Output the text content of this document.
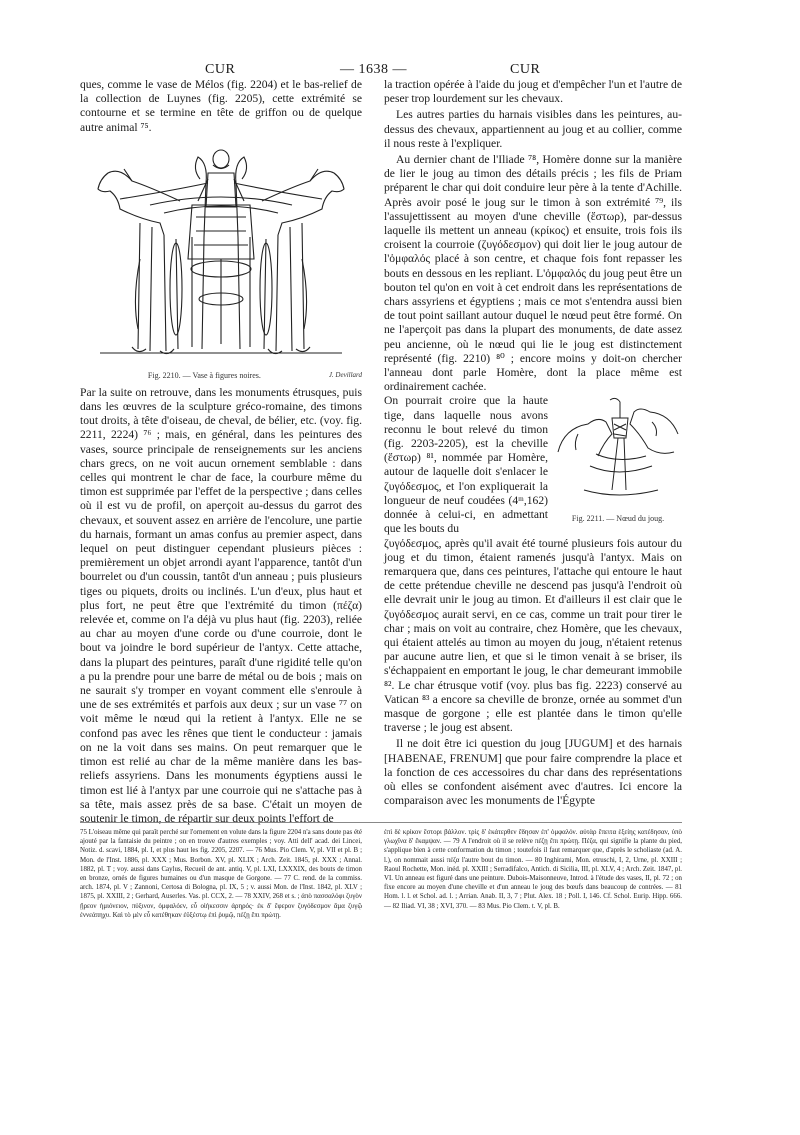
CUR	— 1638 —	CUR

ques, comme le vase de Mélos (fig. 2204) et le bas-relief de la collection de Luynes (fig. 2205), cette extrémité se contourne et se termine en tête de griffon ou de quelque autre animal ⁷⁵.

Fig. 2210. — Vase à figures noires.	J. Devillard

Par la suite on retrouve, dans les monuments étrusques, puis dans les œuvres de la sculpture gréco-romaine, des timons tout droits, à tête d'oiseau, de cheval, de bélier, etc. (voy. fig. 2211, 2224) ⁷⁶ ; mais, en général, dans les peintures des vases, source principale de renseignements sur les anciens chars grecs, on ne voit aucun ornement semblable : dans celles qui montrent le char de face, la courbure même du timon est supprimée par l'effet de la perspective ; dans celles où il est vu de profil, on aperçoit au-dessus du garrot des chevaux, et souvent assez en arrière de l'encolure, une partie du harnais, formant un amas confus au premier aspect, dans lequel on peut distinguer cependant plusieurs pièces : premièrement un objet arrondi ayant l'apparence, tantôt d'un bourrelet ou d'un coussin, tantôt d'un anneau ; puis plusieurs tiges ou piquets, droits ou inclinés. L'un d'eux, plus haut et plus fort, ne peut être que l'extrémité du timon (πέζα) relevée et, comme on l'a déjà vu plus haut (fig. 2203), reliée au char au moyen d'une corde ou d'une courroie, dont le bout va joindre le bord supérieur de l'antyx. Cette attache, dans la plupart des peintures, paraît d'une rigidité telle qu'on a pu la prendre pour une barre de métal ou de bois ; mais on ne saurait s'y tromper en voyant comment elle s'enroule à une de ses extrémités et parfois aux deux ; sur un vase ⁷⁷ on voit même le nœud qui la retient à l'antyx. Elle ne se confond pas avec les rênes que tient le conducteur : jamais on ne la voit dans ses mains. On peut remarquer que le timon est relié au char de la même manière dans les bas-reliefs assyriens. Dans les monuments égyptiens aussi le timon est lié à l'antyx par une courroie qui ne s'attache pas à sa tête, mais assez près de sa base. C'était un moyen de soutenir le timon, de répartir sur deux points l'effort de

la traction opérée à l'aide du joug et d'empêcher l'un et l'autre de peser trop lourdement sur les chevaux.

Les autres parties du harnais visibles dans les peintures, au-dessus des chevaux, appartiennent au joug et au collier, comme il nous reste à l'expliquer.

Au dernier chant de l'Iliade ⁷⁸, Homère donne sur la manière de lier le joug au timon des détails précis ; les fils de Priam préparent le char qui doit conduire leur père à la tente d'Achille. Après avoir posé le joug sur le timon à son extrémité ⁷⁹, ils l'assujettissent au moyen d'une cheville (ἕστωρ), par-dessus laquelle ils mettent un anneau (κρίκος) et ensuite, trois fois ils croisent la courroie (ζυγόδεσμον) qui doit lier le joug autour de l'ὀμφαλός placé à son centre, et chaque fois font repasser les bouts en dessous en les repliant. L'ὀμφαλός du joug peut être un bouton tel qu'on en voit à cet endroit dans les représentations de chars assyriens et égyptiens ; mais ce mot s'entendra aussi bien de tout point saillant autour duquel le nœud peut être formé. On ne l'aperçoit pas dans la plupart des monuments, de date assez peu ancienne, où le nœud qui lie le joug est distinctement représenté (fig. 2210) ⁸⁰ ; encore moins y doit-on chercher l'anneau dont parle Homère, dont la place même est ordinairement cachée.

On pourrait croire que la haute tige, dans laquelle nous avons reconnu le bout relevé du timon (fig. 2203-2205), est la cheville (ἕστωρ) ⁸¹, nommée par Homère, autour de laquelle doit s'enlacer le ζυγόδεσμος, et l'on expliquerait la longueur de neuf coudées (4ᵐ,162) donnée à celui-ci, en admettant que les bouts du

Fig. 2211. — Nœud du joug.

ζυγόδεσμος, après qu'il avait été tourné plusieurs fois autour du joug et du timon, étaient ramenés jusqu'à l'antyx. Mais on remarquera que, dans ces peintures, l'attache qui entoure le haut de cette prétendue cheville ne descend pas jusqu'à l'endroit où elle devrait unir le joug au timon. Et d'ailleurs il est clair que le ζυγόδεσμος aurait servi, en ce cas, comme un trait pour tirer le char ; mais on voit au contraire, chez Homère, que les chevaux, qui étaient attelés au timon au moyen du joug, n'étaient retenus par aucune autre lien, et que si le timon venait à se briser, ils s'échappaient en emportant le joug, le char demeurant immobile ⁸². Le char étrusque votif (voy. plus bas fig. 2223) conservé au Vatican ⁸³ a encore sa cheville de bronze, ornée au sommet d'un masque de gorgone ; elle est plantée dans le timon qu'elle traverse ; le joug est absent.

Il ne doit être ici question du joug [JUGUM] et des harnais [HABENAE, FRENUM] que pour faire comprendre la place et la fonction de ces accessoires du char dans des représentations où elles se confondent aisément avec d'autres. Ici encore la comparaison avec les monuments de l'Égypte

75 L'oiseau même qui paraît perché sur l'ornement en volute dans la figure 2204 n'a sans doute pas été ajouté par la fantaisie du peintre ; on en trouve d'autres exemples ; voy. Atti dell' acad. dei Lincei, Notiz. d. scavi, 1884, pl. I, et plus haut les fig. 2205, 2207. — 76 Mus. Pio Clem. V, pl. VII et pl. B ; Mon. de l'Inst. 1886, pl. XXX ; Mus. Borbon. XV, pl. XLIX ; Arch. Zeit. 1845, pl. XXX ; Annal. 1882, pl. T ; voy. aussi dans Caylus, Recueil de ant. antiq. V, pl. LXI, LXXXIX, des bouts de timon en bronze, ornés de figures humaines ou d'un masque de Gorgone. — 77 C. rend. de la commiss. arch. 1874, pl. V ; Zannoni, Certosa di Bologna, pl. IX, 5 ; v. aussi Mon. de l'Inst. 1842, pl. XLV ; 1875, pl. XXIII, 2 ; Gerhard, Auserles. Vas. pl. CCX, 2. — 78 XXIV, 268 et s. ; ἀπὸ πασσαλόφι ζυγὸν ᾕρεον ἡμιόνειον, πύξινον, ὀμφαλόεν, εὖ οἰήκεσσιν ἀρηρός· ἐκ δ' ἔφερον ζυγόδεσμον ἅμα ζυγῷ ἐννεάπηχυ. Καὶ τὸ μὲν εὖ κατέθηκαν ἐϋξέστῳ ἐπὶ ῥυμῷ, πέζῃ ἔπι πρώτῃ.

ἐπὶ δὲ κρίκον ἕστορι βάλλον. τρὶς δ' ἑκάτερθεν ἔδησαν ἐπ' ὀμφαλόν. αὐτὰρ ἔπειτα ἑξείης κατέδησαν, ὑπὸ γλωχῖνα δ' ἔκαμψαν. — 79 A l'endroit où il se relève πέζῃ ἔπι πρώτῃ. Πέζα, qui signifie la plante du pied, s'applique bien à cette conformation du timon ; toutefois il faut remarquer que, d'après le scholiaste (ad. A. l.), on nommait aussi πέζα l'autre bout du timon. — 80 Inghirami, Mon. etruschi, I, 2, Urne, pl. XXIII ; Raoul Rochette, Mon. inéd. pl. XXIII ; Serradifalco, Antich. di Sicilia, III, pl. XLV, 4 ; Arch. Zeit. 1847, pl. VI. Un anneau est figuré dans une peinture. Dubois-Maisonneuve, Introd. à l'étude des vases, II, pl. 72 ; on fixe encore au moyen d'une cheville et d'un anneau le joug des bœufs dans beaucoup de contrées. — 81 Hom. l. l. et Schol. ad. l. ; Arrian. Anab. II, 3, 7 ; Plut. Alex. 18 ; Poll. I, 146. Cf. Schol. Eurip. Hipp. 666. — 82 Iliad. VI, 38 ; XVI, 370. — 83 Mus. Pio Clem. t. V, pl. B.
